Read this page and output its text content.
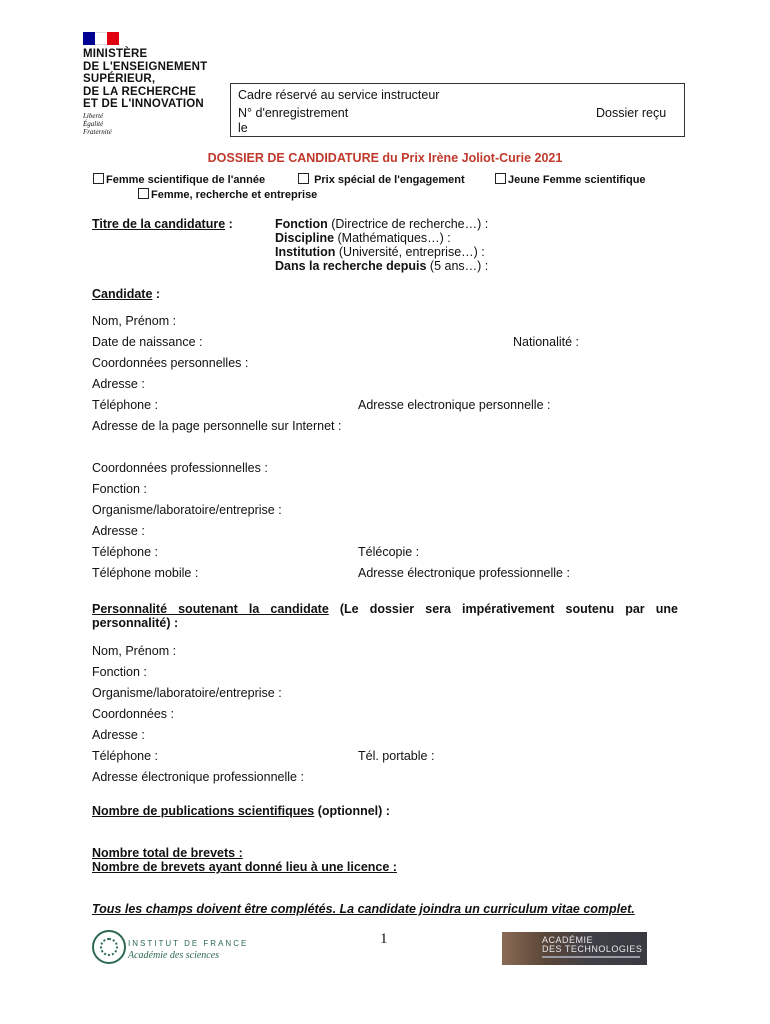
MINISTÈRE
DE L'ENSEIGNEMENT
SUPÉRIEUR,
DE LA RECHERCHE
ET DE L'INNOVATION
Liberté
Égalité
Fraternité
Cadre réservé au service instructeur
N° d'enregistrement	Dossier reçu
le
DOSSIER DE CANDIDATURE du Prix Irène Joliot-Curie 2021
Femme scientifique de l'année	Prix spécial de l'engagement	Jeune Femme scientifique
Femme, recherche et entreprise
Titre de la candidature :	Fonction (Directrice de recherche…) :
Discipline (Mathématiques…) :
Institution (Université, entreprise…) :
Dans la recherche depuis (5 ans…) :
Candidate :
Nom, Prénom :
Date de naissance :	Nationalité :
Coordonnées personnelles :
Adresse :
Téléphone :	Adresse electronique personnelle :
Adresse de la page personnelle sur Internet :
Coordonnées professionnelles :
Fonction :
Organisme/laboratoire/entreprise :
Adresse :
Téléphone :	Télécopie :
Téléphone mobile :	Adresse électronique professionnelle :
Personnalité soutenant la candidate (Le dossier sera impérativement soutenu par une
personnalité) :
Nom, Prénom :
Fonction :
Organisme/laboratoire/entreprise :
Coordonnées :
Adresse :
Téléphone :	Tél. portable :
Adresse électronique professionnelle :
Nombre de publications scientifiques (optionnel) :
Nombre total de brevets :
Nombre de brevets ayant donné lieu à une licence :
Tous les champs doivent être complétés. La candidate joindra un curriculum vitae complet.
INSTITUT DE FRANCE
Académie des sciences
1	ACADÉMIE
DES TECHNOLOGIES
